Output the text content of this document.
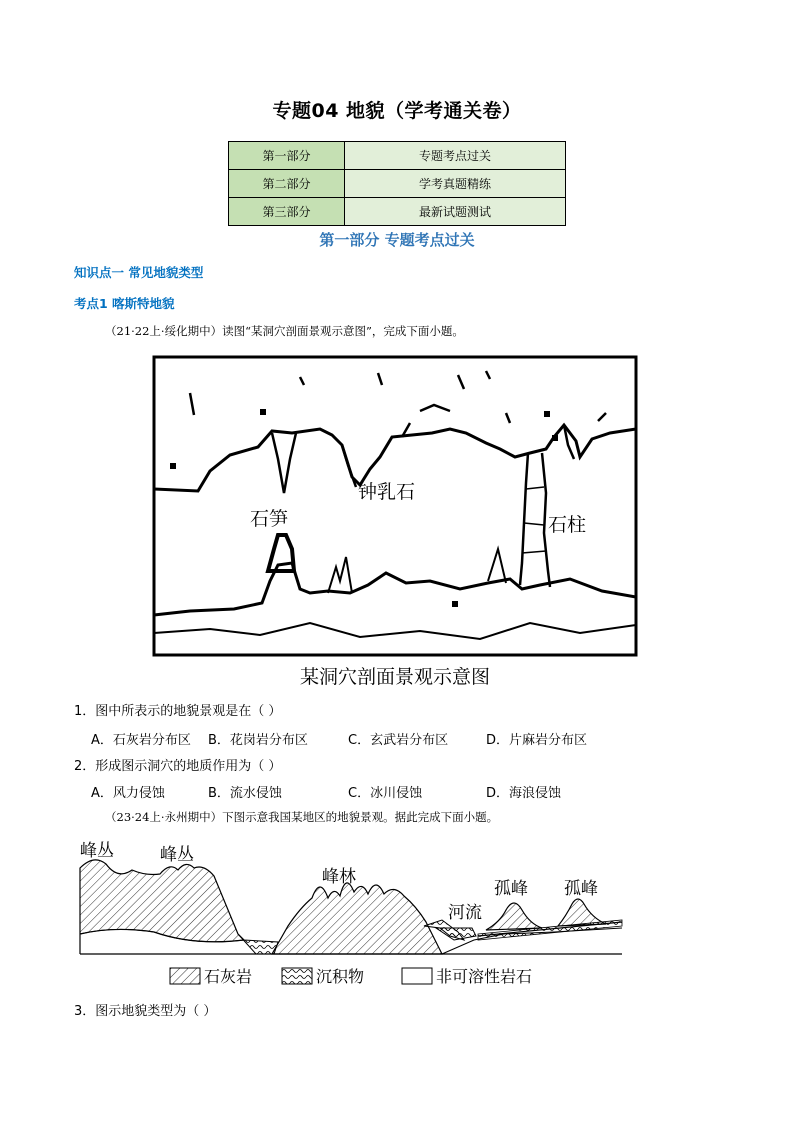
专题04 地貌（学考通关卷）
第一部分	专题考点过关
第二部分	学考真题精练
第三部分	最新试题测试
第一部分 专题考点过关
知识点一 常见地貌类型
考点1 喀斯特地貌
（21·22上·绥化期中）读图“某洞穴剖面景观示意图”，完成下面小题。
钟乳石
石笋	石柱
某洞穴剖面景观示意图
1．图中所表示的地貌景观是在（ ）
A．石灰岩分布区 B．花岗岩分布区	C．玄武岩分布区	D．片麻岩分布区
2．形成图示洞穴的地质作用为（ ）
A．风力侵蚀	B．流水侵蚀	C．冰川侵蚀	D．海浪侵蚀
（23·24上·永州期中）下图示意我国某地区的地貌景观。据此完成下面小题。
峰丛	峰丛
峰林
河流
孤峰 孤峰
石灰岩	沉积物	非可溶性岩石
3．图示地貌类型为（ ）
